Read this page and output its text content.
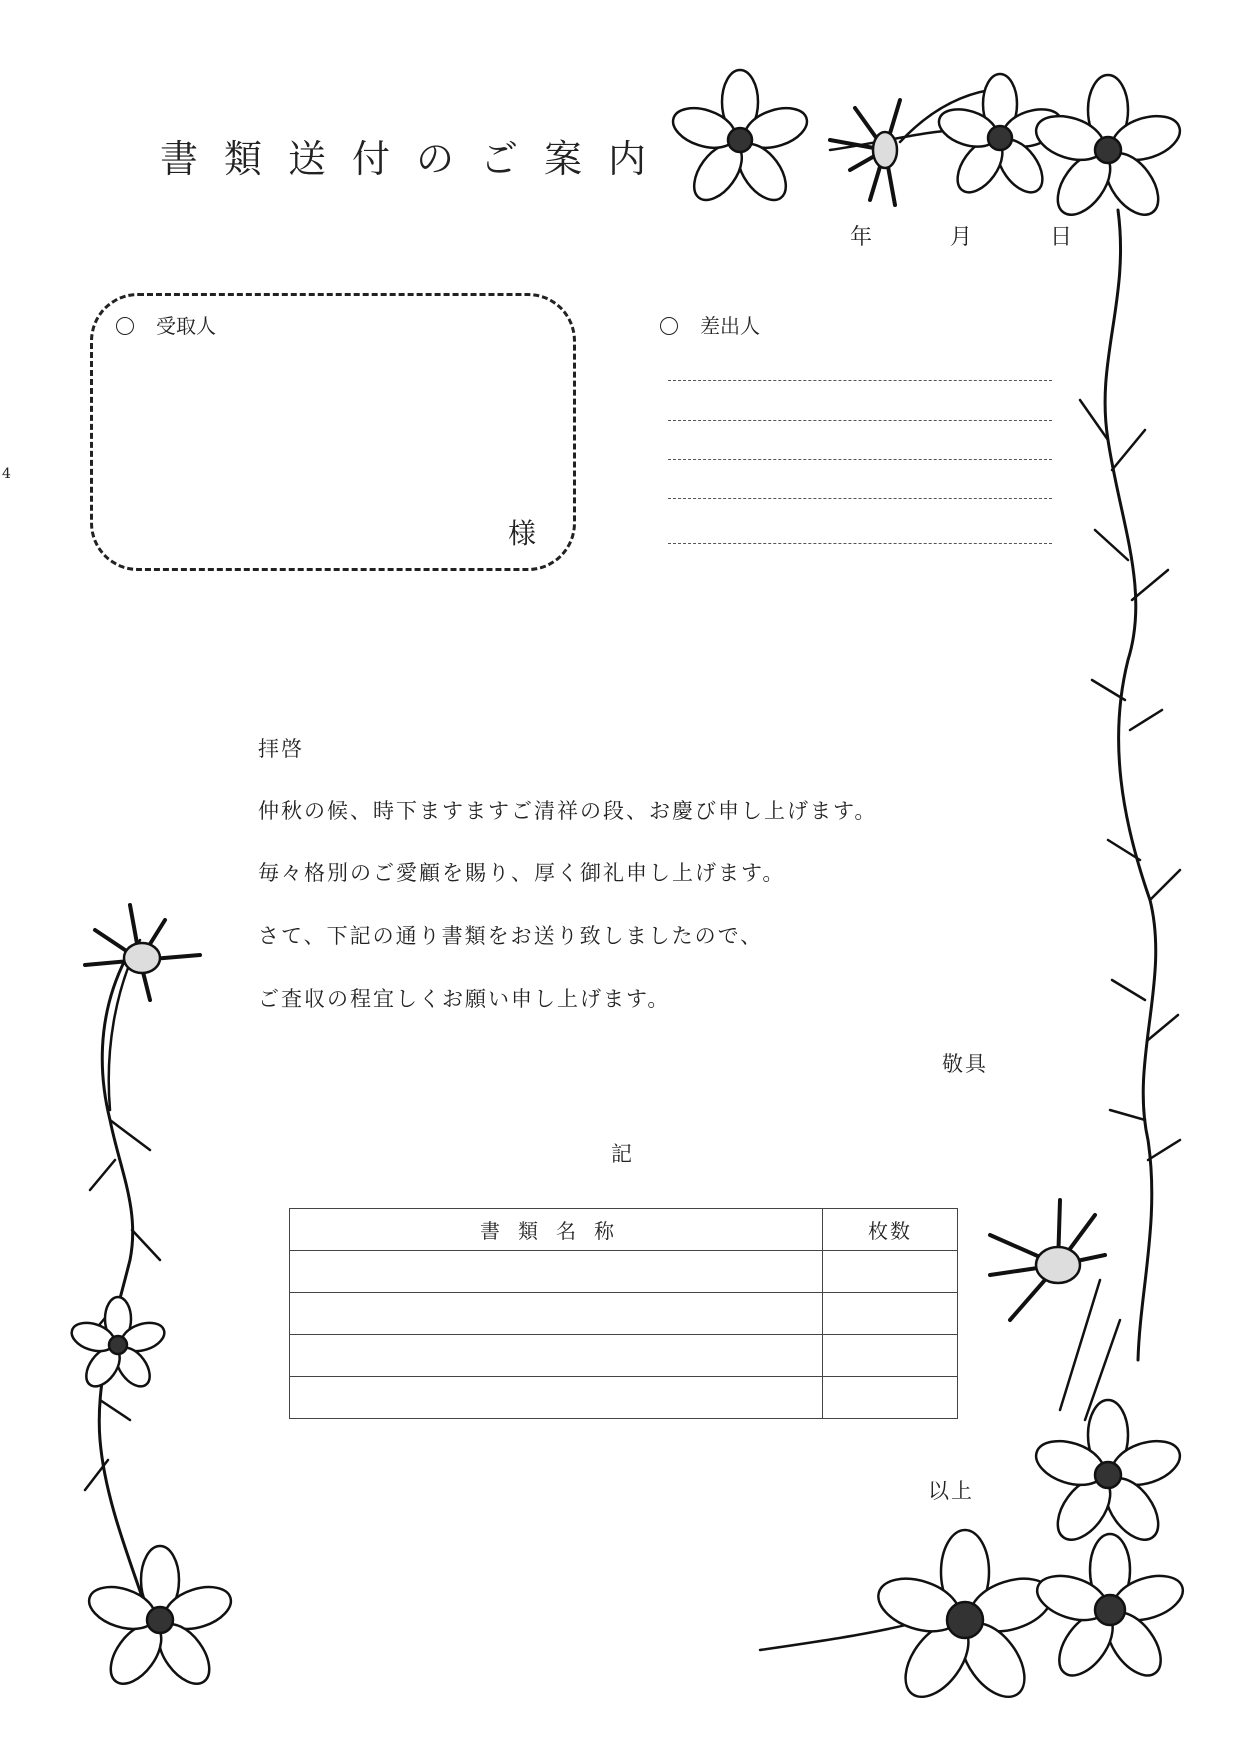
書類送付のご案内
年	月	日
4
受取人
様
差出人
拝啓
仲秋の候、時下ますますご清祥の段、お慶び申し上げます。
毎々格別のご愛顧を賜り、厚く御礼申し上げます。
さて、下記の通り書類をお送り致しましたので、
ご査収の程宜しくお願い申し上げます。
敬具
記
書類名称	枚数

以上
